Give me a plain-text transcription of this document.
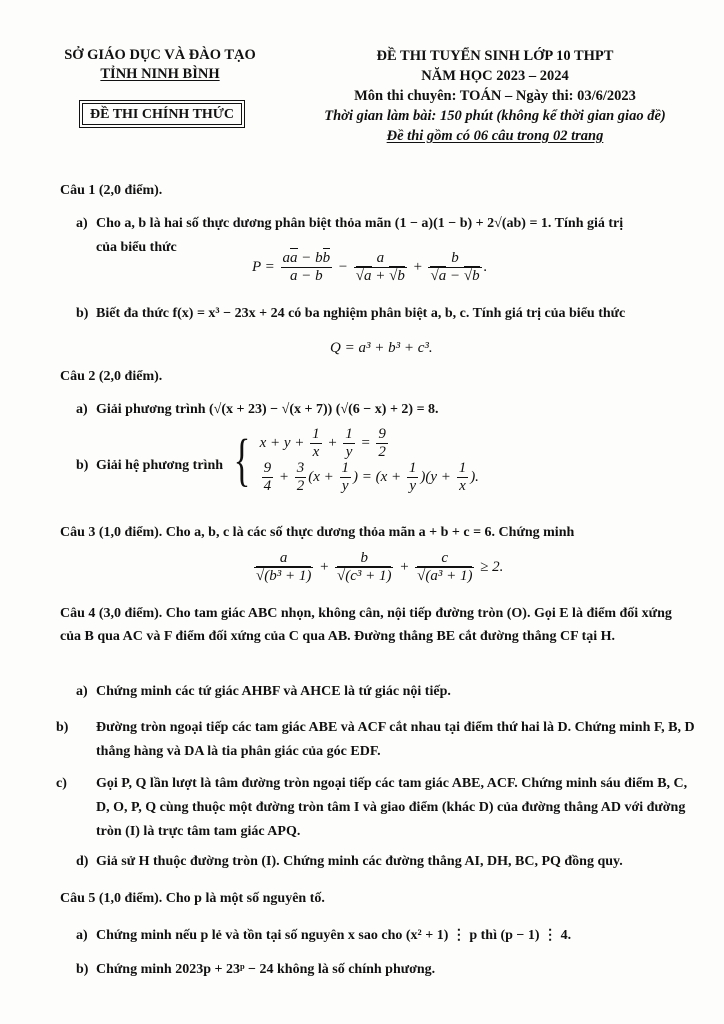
SỞ GIÁO DỤC VÀ ĐÀO TẠO
TỈNH NINH BÌNH
ĐỀ THI CHÍNH THỨC
ĐỀ THI TUYỂN SINH LỚP 10 THPT
NĂM HỌC 2023 – 2024
Môn thi chuyên: TOÁN – Ngày thi: 03/6/2023
Thời gian làm bài: 150 phút (không kể thời gian giao đề)
Đề thi gồm có 06 câu trong 02 trang
Câu 1 (2,0 điểm).
a) Cho a, b là hai số thực dương phân biệt thỏa mãn (1 − a)(1 − b) + 2√(ab) = 1. Tính giá trị
của biểu thức
$P = \frac{aa - bb}{a - b} - \frac{a}{√a + √b} + \frac{b}{√a - √b}$ .
b) Biết đa thức f(x) = x³ − 23x + 24 có ba nghiệm phân biệt a, b, c. Tính giá trị của biểu thức
Q = a³ + b³ + c³.
Câu 2 (2,0 điểm).
a) Giải phương trình (√(x + 23) − √(x + 7)) (√(6 − x) + 2) = 8.
b) Giải hệ phương trình { $x + y + \frac{1}{x} + \frac{1}{y} = \frac{9}{2}$
$\frac{9}{4} + \frac{3}{2} (x + \frac{1}{y}$ ) = $(x + \frac{1}{y} )(y + \frac{1}{x}$ ).
Câu 3 (1,0 điểm). Cho a, b, c là các số thực dương thỏa mãn a + b + c = 6. Chứng minh
$\frac{a}{\text{√(b³ + 1)}} + \frac{b}{\text{√(c³ + 1)}} + \frac{c}{\text{√(a³ + 1)}} \ge 2$.
Câu 4 (3,0 điểm). Cho tam giác ABC nhọn, không cân, nội tiếp đường tròn (O). Gọi E là điểm đối xứng của B qua AC và F điểm đối xứng của C qua AB. Đường thẳng BE cắt đường thẳng CF tại H.
a) Chứng minh các tứ giác AHBF và AHCE là tứ giác nội tiếp.
b) Đường tròn ngoại tiếp các tam giác ABE và ACF cắt nhau tại điểm thứ hai là D. Chứng minh F, B, D thẳng hàng và DA là tia phân giác của góc EDF.
c) Gọi P, Q lần lượt là tâm đường tròn ngoại tiếp các tam giác ABE, ACF. Chứng minh sáu điểm B, C, D, O, P, Q cùng thuộc một đường tròn tâm I và giao điểm (khác D) của đường thẳng AD với đường tròn (I) là trực tâm tam giác APQ.
d) Giả sử H thuộc đường tròn (I). Chứng minh các đường thẳng AI, DH, BC, PQ đồng quy.
Câu 5 (1,0 điểm). Cho p là một số nguyên tố.
a) Chứng minh nếu p lẻ và tồn tại số nguyên x sao cho (x² + 1) ⋮ p thì (p − 1) ⋮ 4.
b) Chứng minh 2023p + 23ᵖ − 24 không là số chính phương.
